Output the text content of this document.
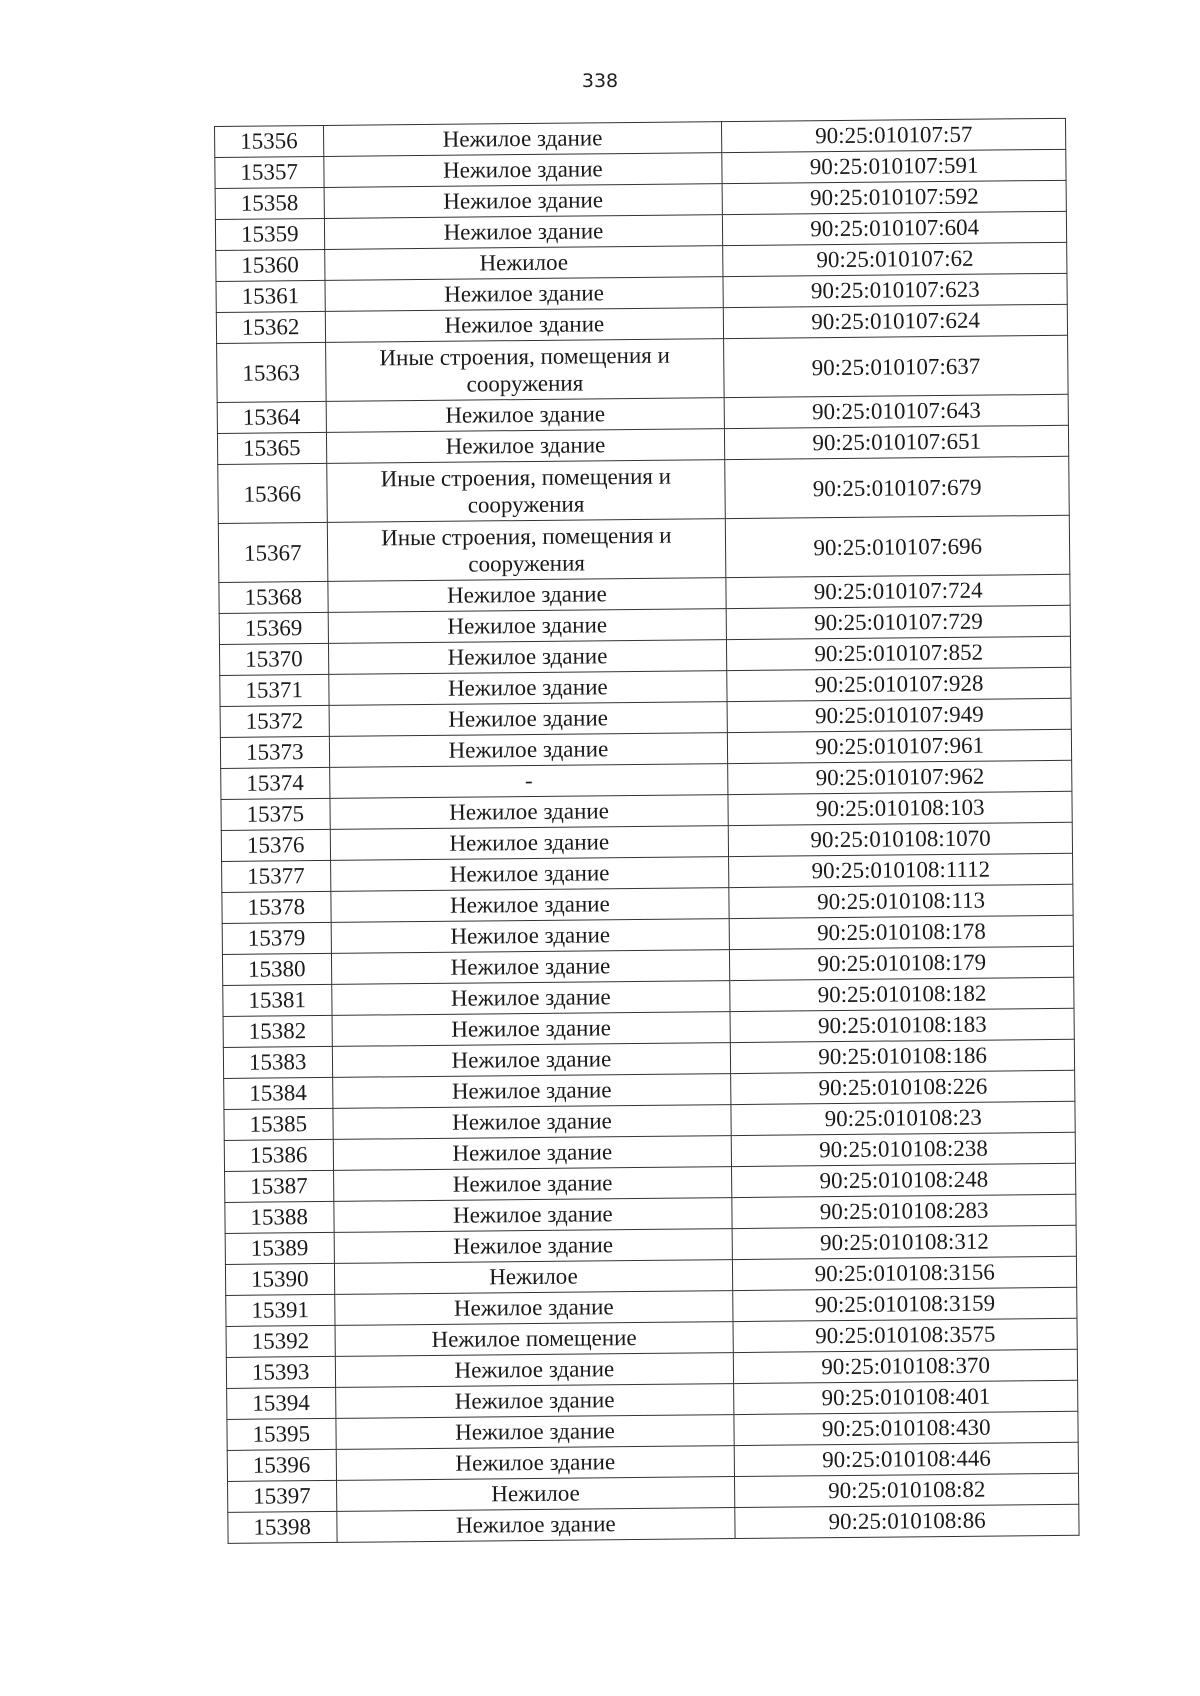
338
15356	Нежилое здание	90:25:010107:57
15357	Нежилое здание	90:25:010107:591
15358	Нежилое здание	90:25:010107:592
15359	Нежилое здание	90:25:010107:604
15360	Нежилое	90:25:010107:62
15361	Нежилое здание	90:25:010107:623
15362	Нежилое здание	90:25:010107:624
15363	Иные строения, помещения и сооружения	90:25:010107:637
15364	Нежилое здание	90:25:010107:643
15365	Нежилое здание	90:25:010107:651
15366	Иные строения, помещения и сооружения	90:25:010107:679
15367	Иные строения, помещения и сооружения	90:25:010107:696
15368	Нежилое здание	90:25:010107:724
15369	Нежилое здание	90:25:010107:729
15370	Нежилое здание	90:25:010107:852
15371	Нежилое здание	90:25:010107:928
15372	Нежилое здание	90:25:010107:949
15373	Нежилое здание	90:25:010107:961
15374	-	90:25:010107:962
15375	Нежилое здание	90:25:010108:103
15376	Нежилое здание	90:25:010108:1070
15377	Нежилое здание	90:25:010108:1112
15378	Нежилое здание	90:25:010108:113
15379	Нежилое здание	90:25:010108:178
15380	Нежилое здание	90:25:010108:179
15381	Нежилое здание	90:25:010108:182
15382	Нежилое здание	90:25:010108:183
15383	Нежилое здание	90:25:010108:186
15384	Нежилое здание	90:25:010108:226
15385	Нежилое здание	90:25:010108:23
15386	Нежилое здание	90:25:010108:238
15387	Нежилое здание	90:25:010108:248
15388	Нежилое здание	90:25:010108:283
15389	Нежилое здание	90:25:010108:312
15390	Нежилое	90:25:010108:3156
15391	Нежилое здание	90:25:010108:3159
15392	Нежилое помещение	90:25:010108:3575
15393	Нежилое здание	90:25:010108:370
15394	Нежилое здание	90:25:010108:401
15395	Нежилое здание	90:25:010108:430
15396	Нежилое здание	90:25:010108:446
15397	Нежилое	90:25:010108:82
15398	Нежилое здание	90:25:010108:86
